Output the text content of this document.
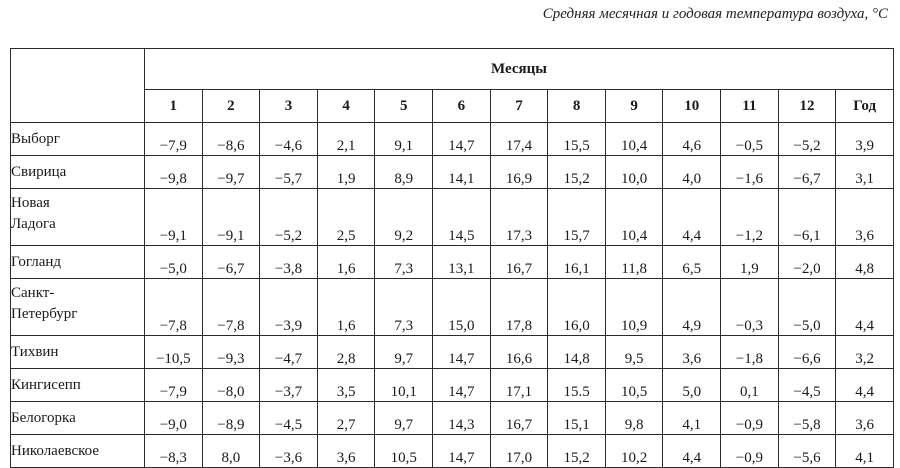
Средняя месячная и годовая температура воздуха, °С
	Месяцы												
	1	2	3	4	5	6	7	8	9	10	11	12	Год

Выборг	−7,9	−8,6	−4,6	2,1	9,1	14,7	17,4	15,5	10,4	4,6	−0,5	−5,2	3,9

Свирица	−9,8	−9,7	−5,7	1,9	8,9	14,1	16,9	15,2	10,0	4,0	−1,6	−6,7	3,1

Новая
Ладога	−9,1	−9,1	−5,2	2,5	9,2	14,5	17,3	15,7	10,4	4,4	−1,2	−6,1	3,6

Гогланд	−5,0	−6,7	−3,8	1,6	7,3	13,1	16,7	16,1	11,8	6,5	1,9	−2,0	4,8

Санкт-
Петербург	−7,8	−7,8	−3,9	1,6	7,3	15,0	17,8	16,0	10,9	4,9	−0,3	−5,0	4,4

Тихвин	−10,5	−9,3	−4,7	2,8	9,7	14,7	16,6	14,8	9,5	3,6	−1,8	−6,6	3,2

Кингисепп	−7,9	−8,0	−3,7	3,5	10,1	14,7	17,1	15.5	10,5	5,0	0,1	−4,5	4,4

Белогорка	−9,0	−8,9	−4,5	2,7	9,7	14,3	16,7	15,1	9,8	4,1	−0,9	−5,8	3,6

Николаевское	−8,3	8,0	−3,6	3,6	10,5	14,7	17,0	15,2	10,2	4,4	−0,9	−5,6	4,1
